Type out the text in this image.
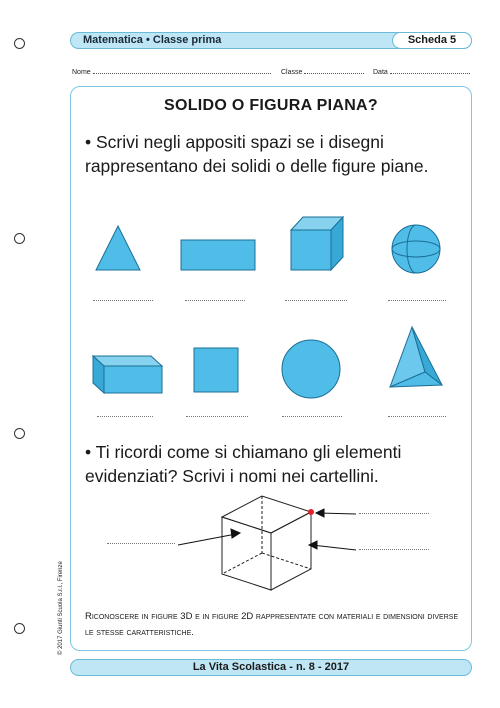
Matematica • Classe prima	Scheda 5
Nome	Classe	Data
SOLIDO O FIGURA PIANA?
• Scrivi negli appositi spazi se i disegni rappresentano dei solidi o delle figure piane.
• Ti ricordi come si chiamano gli elementi evidenziati? Scrivi i nomi nei cartellini.
Riconoscere in figure 3D e in figure 2D rappresentate con materiali e dimensioni diverse le stesse caratteristiche.
La Vita Scolastica - n. 8 - 2017
© 2017 Giunti Scuola S.r.l., Firenze
